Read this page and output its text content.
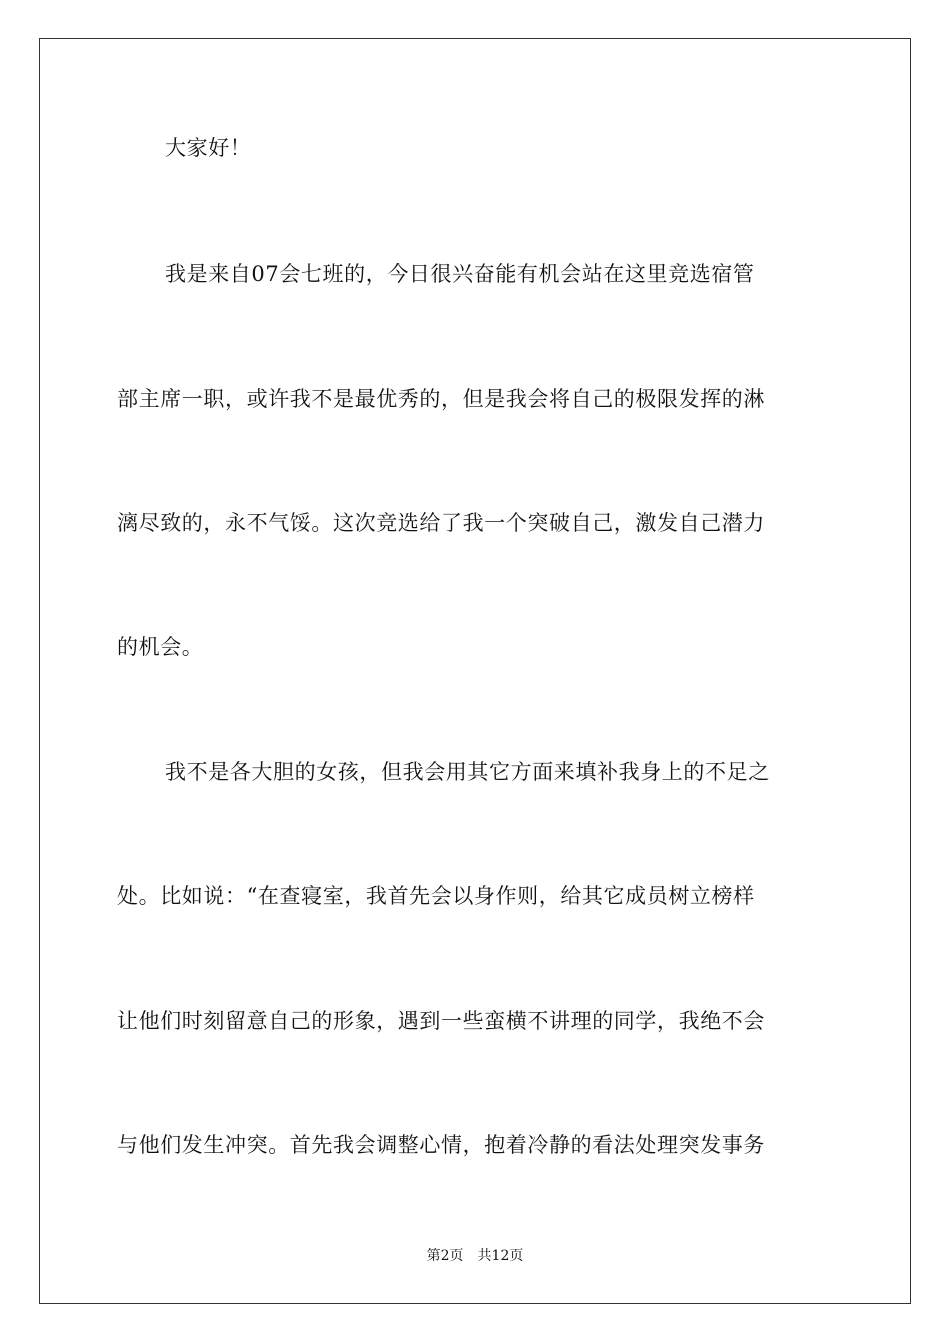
大家好！
我是来自07会七班的，今日很兴奋能有机会站在这里竞选宿管
部主席一职，或许我不是最优秀的，但是我会将自己的极限发挥的淋
漓尽致的，永不气馁。这次竞选给了我一个突破自己，激发自己潜力
的机会。
我不是各大胆的女孩，但我会用其它方面来填补我身上的不足之
处。比如说：“在查寝室，我首先会以身作则，给其它成员树立榜样
让他们时刻留意自己的形象，遇到一些蛮横不讲理的同学，我绝不会
与他们发生冲突。首先我会调整心情，抱着冷静的看法处理突发事务
第2页 共12页
